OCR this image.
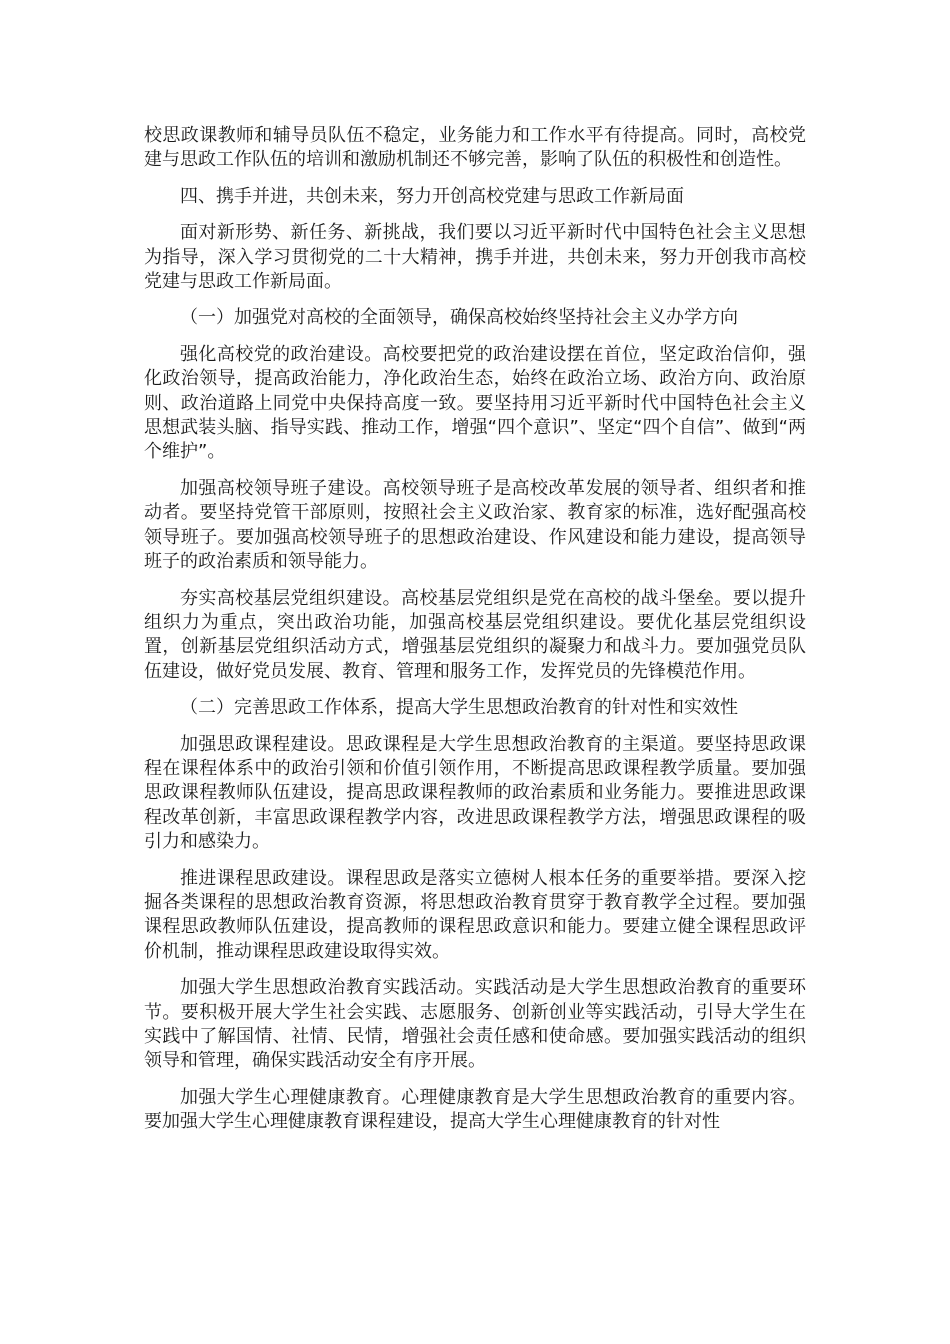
校思政课教师和辅导员队伍不稳定，业务能力和工作水平有待提高。同时，高校党建与思政工作队伍的培训和激励机制还不够完善，影响了队伍的积极性和创造性。

四、携手并进，共创未来，努力开创高校党建与思政工作新局面

面对新形势、新任务、新挑战，我们要以习近平新时代中国特色社会主义思想为指导，深入学习贯彻党的二十大精神，携手并进，共创未来，努力开创我市高校党建与思政工作新局面。

（一）加强党对高校的全面领导，确保高校始终坚持社会主义办学方向

强化高校党的政治建设。高校要把党的政治建设摆在首位，坚定政治信仰，强化政治领导，提高政治能力，净化政治生态，始终在政治立场、政治方向、政治原则、政治道路上同党中央保持高度一致。要坚持用习近平新时代中国特色社会主义思想武装头脑、指导实践、推动工作，增强“四个意识”、坚定“四个自信”、做到“两个维护”。

加强高校领导班子建设。高校领导班子是高校改革发展的领导者、组织者和推动者。要坚持党管干部原则，按照社会主义政治家、教育家的标准，选好配强高校领导班子。要加强高校领导班子的思想政治建设、作风建设和能力建设，提高领导班子的政治素质和领导能力。

夯实高校基层党组织建设。高校基层党组织是党在高校的战斗堡垒。要以提升组织力为重点，突出政治功能，加强高校基层党组织建设。要优化基层党组织设置，创新基层党组织活动方式，增强基层党组织的凝聚力和战斗力。要加强党员队伍建设，做好党员发展、教育、管理和服务工作，发挥党员的先锋模范作用。

（二）完善思政工作体系，提高大学生思想政治教育的针对性和实效性

加强思政课程建设。思政课程是大学生思想政治教育的主渠道。要坚持思政课程在课程体系中的政治引领和价值引领作用，不断提高思政课程教学质量。要加强思政课程教师队伍建设，提高思政课程教师的政治素质和业务能力。要推进思政课程改革创新，丰富思政课程教学内容，改进思政课程教学方法，增强思政课程的吸引力和感染力。

推进课程思政建设。课程思政是落实立德树人根本任务的重要举措。要深入挖掘各类课程的思想政治教育资源，将思想政治教育贯穿于教育教学全过程。要加强课程思政教师队伍建设，提高教师的课程思政意识和能力。要建立健全课程思政评价机制，推动课程思政建设取得实效。

加强大学生思想政治教育实践活动。实践活动是大学生思想政治教育的重要环节。要积极开展大学生社会实践、志愿服务、创新创业等实践活动，引导大学生在实践中了解国情、社情、民情，增强社会责任感和使命感。要加强实践活动的组织领导和管理，确保实践活动安全有序开展。

加强大学生心理健康教育。心理健康教育是大学生思想政治教育的重要内容。要加强大学生心理健康教育课程建设，提高大学生心理健康教育的针对性
